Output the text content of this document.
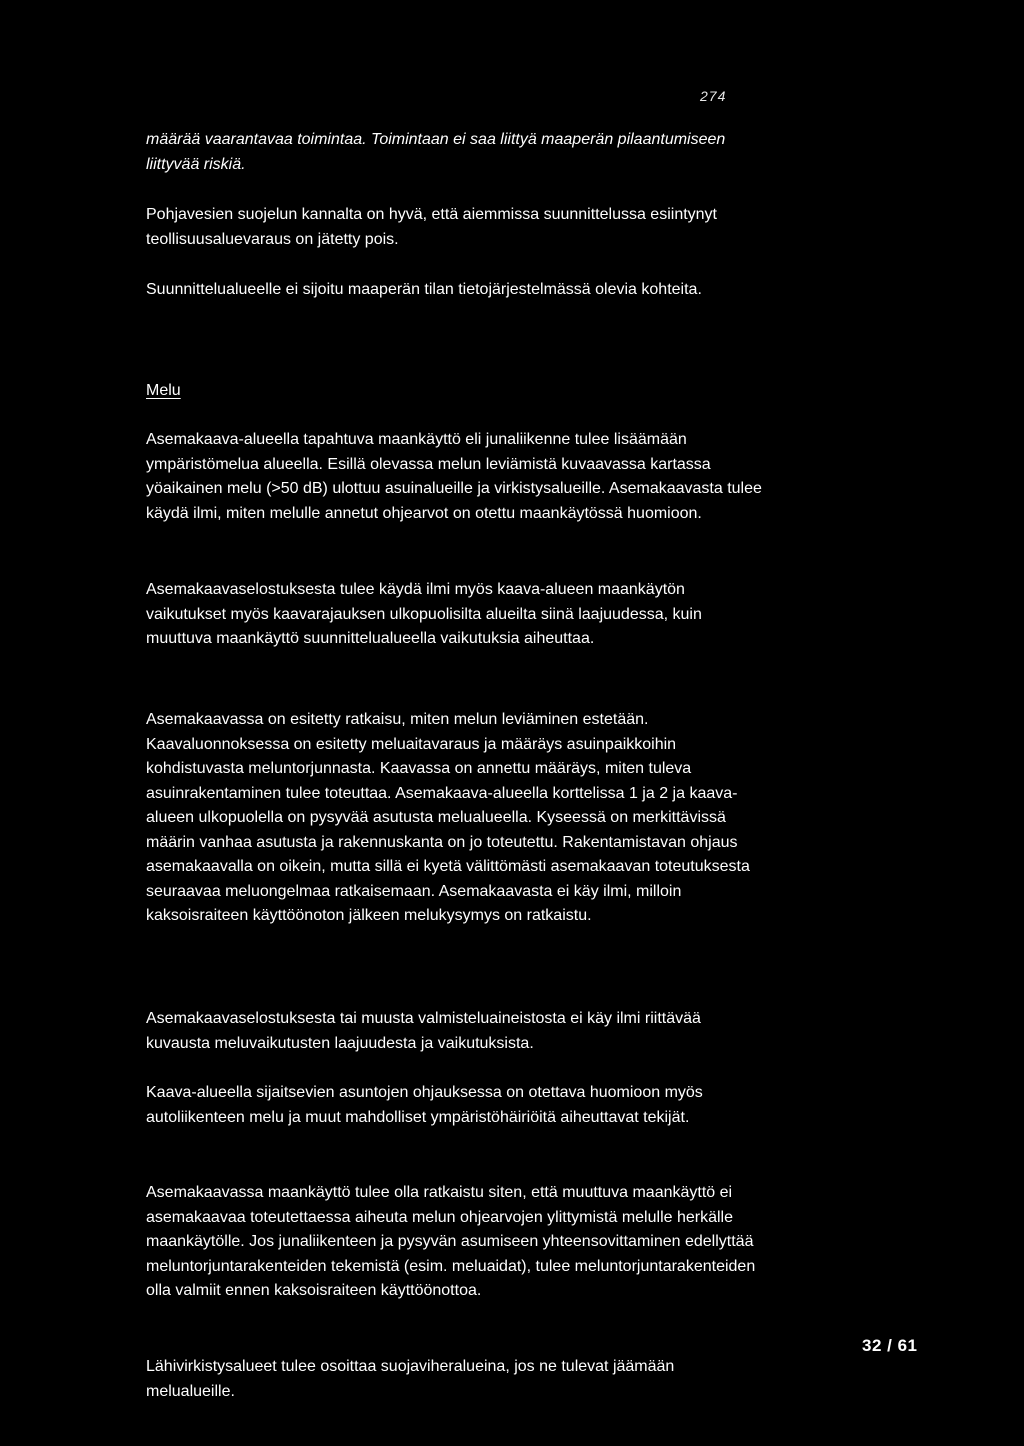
274

määrää vaarantavaa toimintaa. Toimintaan ei saa liittyä maaperän pilaantumiseen liittyvää riskiä.

Pohjavesien suojelun kannalta on hyvä, että aiemmissa suunnittelussa esiintynyt teollisuusaluevaraus on jätetty pois.

Suunnittelualueelle ei sijoitu maaperän tilan tietojärjestelmässä olevia kohteita.

Melu

Asemakaava-alueella tapahtuva maankäyttö eli junaliikenne tulee lisäämään ympäristömelua alueella. Esillä olevassa melun leviämistä kuvaavassa kartassa yöaikainen melu (>50 dB) ulottuu asuinalueille ja virkistysalueille. Asemakaavasta tulee käydä ilmi, miten melulle annetut ohjearvot on otettu maankäytössä huomioon.

Asemakaavaselostuksesta tulee käydä ilmi myös kaava-alueen maankäytön vaikutukset myös kaavarajauksen ulkopuolisilta alueilta siinä laajuudessa, kuin muuttuva maankäyttö suunnittelualueella vaikutuksia aiheuttaa.

Asemakaavassa on esitetty ratkaisu, miten melun leviäminen estetään. Kaavaluonnoksessa on esitetty meluaitavaraus ja määräys asuinpaikkoihin kohdistuvasta meluntorjunnasta. Kaavassa on annettu määräys, miten tuleva asuinrakentaminen tulee toteuttaa. Asemakaava-alueella korttelissa 1 ja 2 ja kaava-alueen ulkopuolella on pysyvää asutusta melualueella. Kyseessä on merkittävissä määrin vanhaa asutusta ja rakennuskanta on jo toteutettu. Rakentamistavan ohjaus asemakaavalla on oikein, mutta sillä ei kyetä välittömästi asemakaavan toteutuksesta seuraavaa meluongelmaa ratkaisemaan. Asemakaavasta ei käy ilmi, milloin kaksoisraiteen käyttöönoton jälkeen melukysymys on ratkaistu.

Asemakaavaselostuksesta tai muusta valmisteluaineistosta ei käy ilmi riittävää kuvausta meluvaikutusten laajuudesta ja vaikutuksista.

Kaava-alueella sijaitsevien asuntojen ohjauksessa on otettava huomioon myös autoliikenteen melu ja muut mahdolliset ympäristöhäiriöitä aiheuttavat tekijät.

Asemakaavassa maankäyttö tulee olla ratkaistu siten, että muuttuva maankäyttö ei asemakaavaa toteutettaessa aiheuta melun ohjearvojen ylittymistä melulle herkälle maankäytölle. Jos junaliikenteen ja pysyvän asumiseen yhteensovittaminen edellyttää meluntorjuntarakenteiden tekemistä (esim. meluaidat), tulee meluntorjuntarakenteiden olla valmiit ennen kaksoisraiteen käyttöönottoa.

Lähivirkistysalueet tulee osoittaa suojaviheralueina, jos ne tulevat jäämään melualueille.

32 / 61
